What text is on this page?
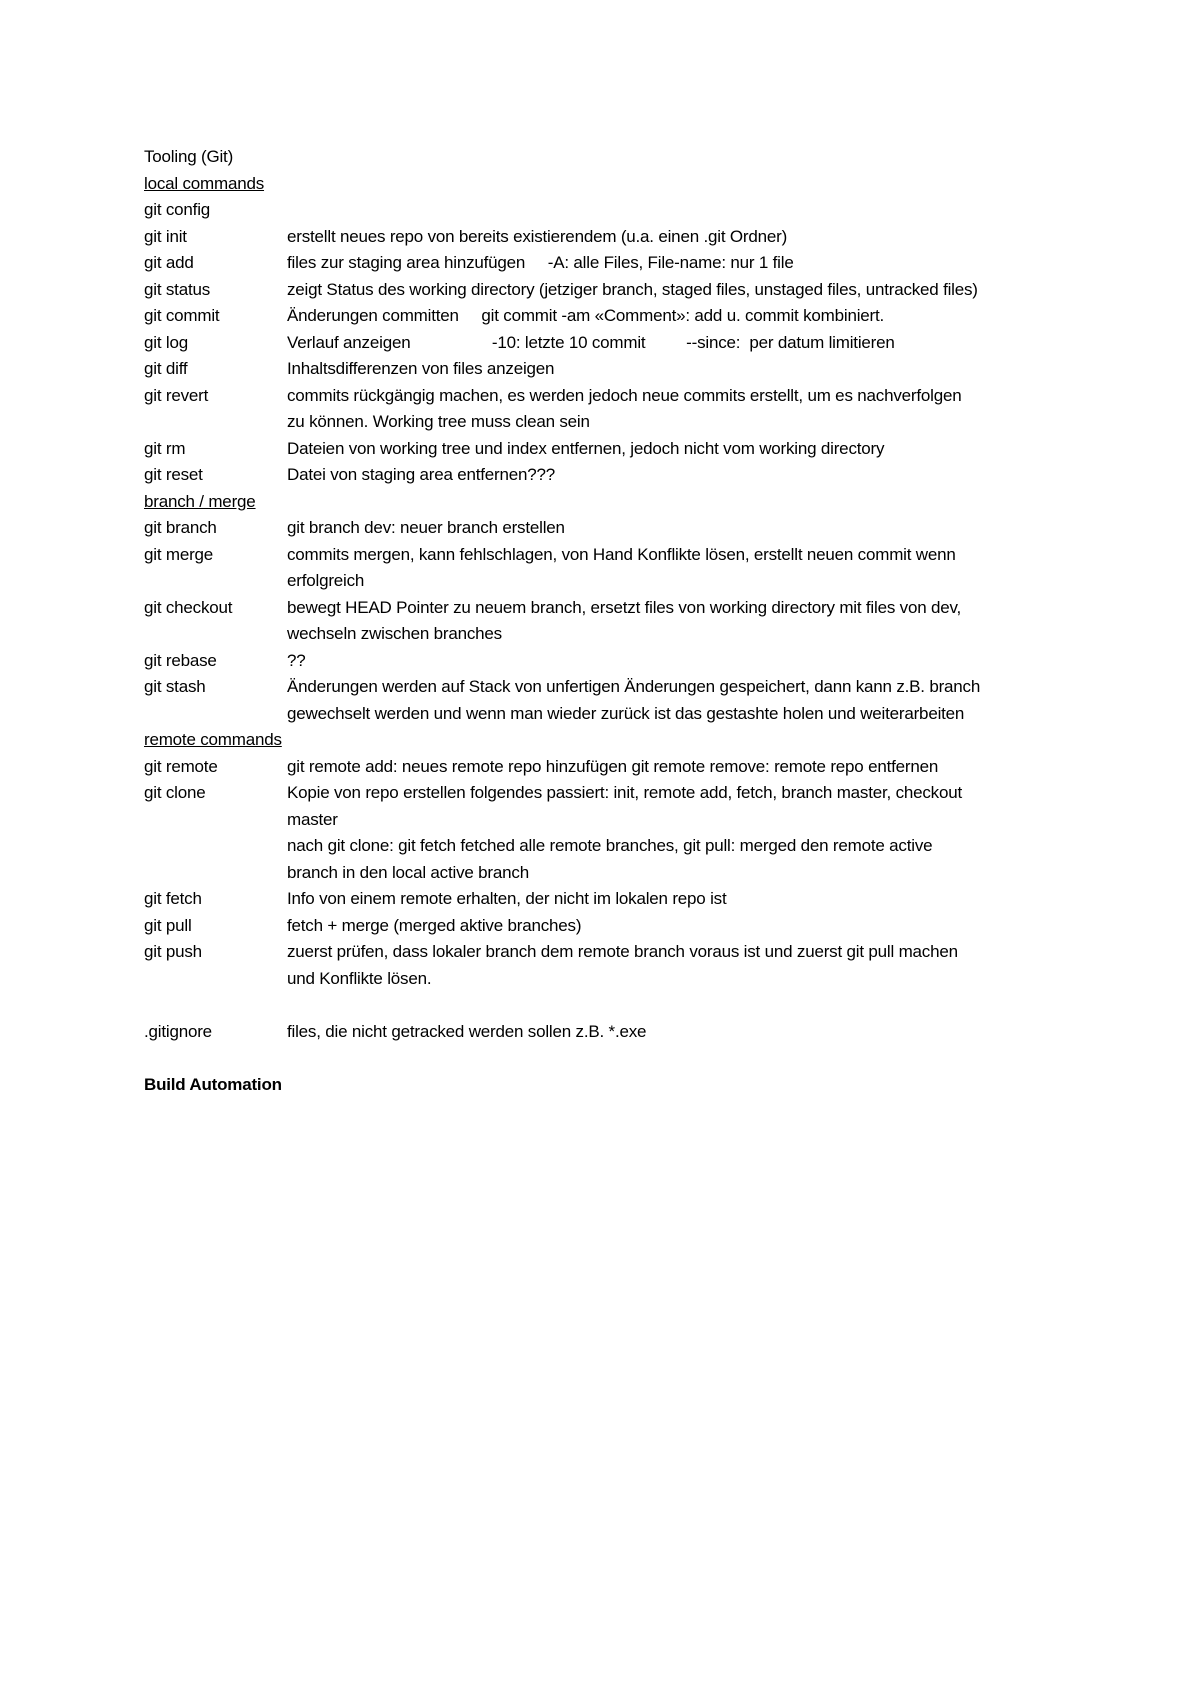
Tooling (Git)
local commands
git config
git init	erstellt neues repo von bereits existierendem (u.a. einen .git Ordner)
git add	files zur staging area hinzufügen     -A: alle Files, File-name: nur 1 file
git status	zeigt Status des working directory (jetziger branch, staged files, unstaged files, untracked files)
git commit	Änderungen committen     git commit -am «Comment»: add u. commit kombiniert.
git log	Verlauf anzeigen                  -10: letzte 10 commit         --since:  per datum limitieren
git diff	Inhaltsdifferenzen von files anzeigen
git revert	commits rückgängig machen, es werden jedoch neue commits erstellt, um es nachverfolgen
zu können. Working tree muss clean sein
git rm	Dateien von working tree und index entfernen, jedoch nicht vom working directory
git reset	Datei von staging area entfernen???
branch / merge
git branch	git branch dev: neuer branch erstellen
git merge	commits mergen, kann fehlschlagen, von Hand Konflikte lösen, erstellt neuen commit wenn
erfolgreich
git checkout	bewegt HEAD Pointer zu neuem branch, ersetzt files von working directory mit files von dev,
wechseln zwischen branches
git rebase	??
git stash	Änderungen werden auf Stack von unfertigen Änderungen gespeichert, dann kann z.B. branch
gewechselt werden und wenn man wieder zurück ist das gestashte holen und weiterarbeiten
remote commands
git remote	git remote add: neues remote repo hinzufügen git remote remove: remote repo entfernen
git clone	Kopie von repo erstellen folgendes passiert: init, remote add, fetch, branch master, checkout
master
nach git clone: git fetch fetched alle remote branches, git pull: merged den remote active
branch in den local active branch
git fetch	Info von einem remote erhalten, der nicht im lokalen repo ist
git pull	fetch + merge (merged aktive branches)
git push	zuerst prüfen, dass lokaler branch dem remote branch voraus ist und zuerst git pull machen
und Konflikte lösen.
.gitignore	files, die nicht getracked werden sollen z.B. *.exe
Build Automation
